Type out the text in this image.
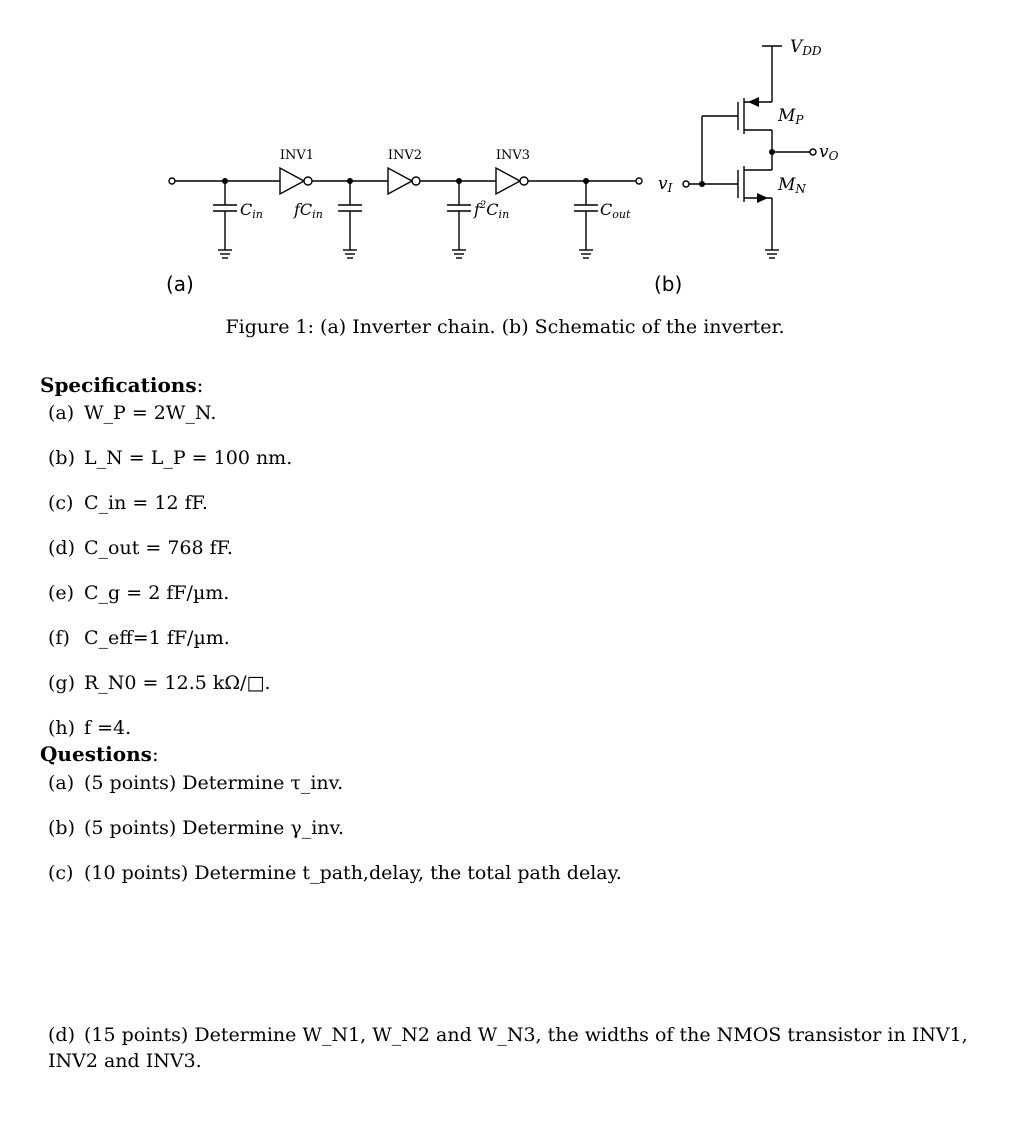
INV1	INV2	INV3
Cin fCin	$f^2Cin$	Cout
VDD
MP
MN
vO
vI
(a)	(b)
Figure 1: (a) Inverter chain. (b) Schematic of the inverter.
Specifications:
(a) W_P = 2W_N.
(b) L_N = L_P = 100 nm.
(c) C_in = 12 fF.
(d) C_out = 768 fF.
(e) C_g = 2 fF/µm.
(f) C_eff=1 fF/µm.
(g) R_N0 = 12.5 kΩ/□.
(h) f =4.
Questions:
(a) (5 points) Determine τ_inv.
(b) (5 points) Determine γ_inv.
(c) (10 points) Determine t_path,delay, the total path delay.
(d) (15 points) Determine W_N1, W_N2 and W_N3, the widths of the NMOS transistor in INV1, INV2 and INV3.
